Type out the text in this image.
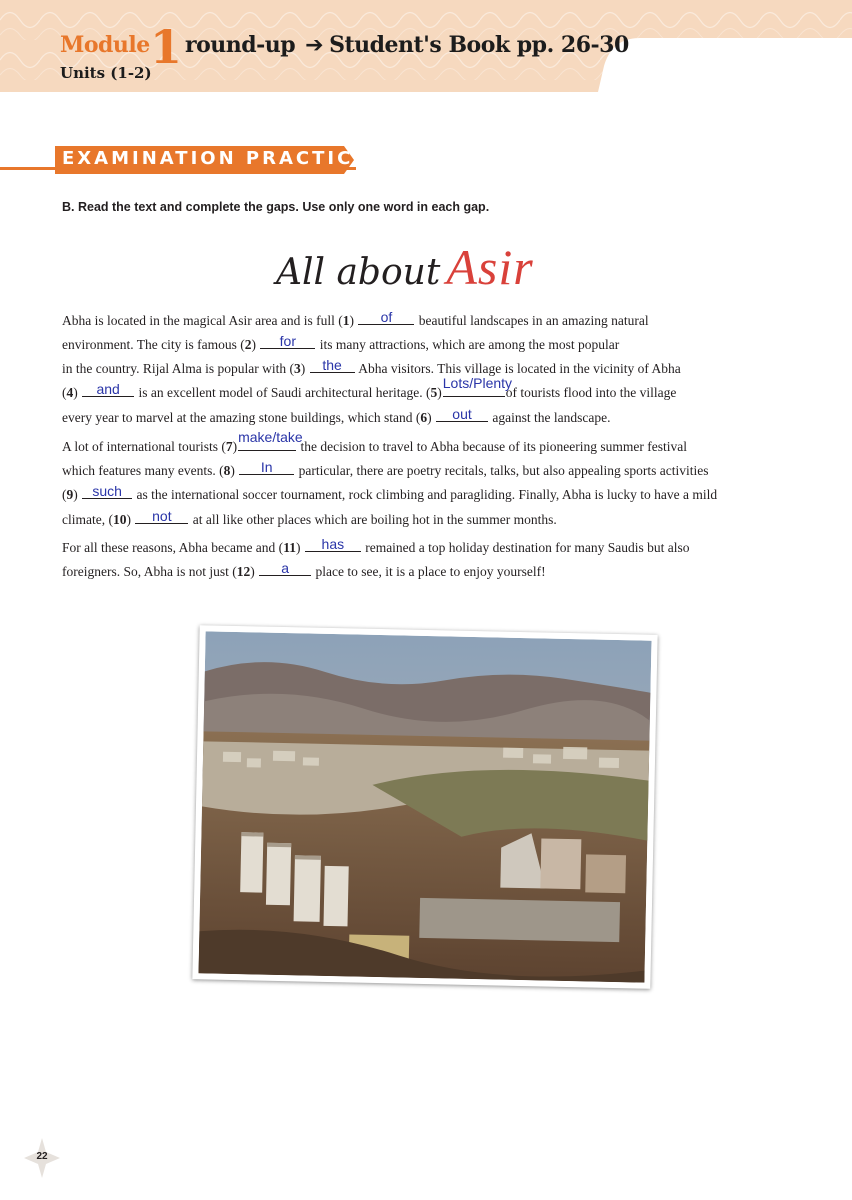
Module 1 round-up ➔ Student's Book pp. 26-30
Units (1-2)
EXAMINATION PRACTICE
B. Read the text and complete the gaps. Use only one word in each gap.
All about Asir
Abha is located in the magical Asir area and is full (1)	of	beautiful landscapes in an amazing natural
environment. The city is famous (2)	for	its many attractions, which are among the most popular
in the country. Rijal Alma is popular with (3) the	Abha visitors. This village is located in the vicinity of Abha
(4)	and	is an excellent model of Saudi architectural heritage. (5)
Lots/Plenty
of tourists flood into the village
every year to marvel at the amazing stone buildings, which stand (6)	out	against the landscape.
A lot of international tourists (7)
make/take
the decision to travel to Abha because of its pioneering summer festival
which features many events. (8)	In	particular, there are poetry recitals, talks, but also appealing sports activities
(9) such as the international soccer tournament, rock climbing and paragliding. Finally, Abha is lucky to have a mild
climate, (10)	not	at all like other places which are boiling hot in the summer months.
For all these reasons, Abha became and (11)	has	remained a top holiday destination for many Saudis but also
foreigners. So, Abha is not just (12)	a	place to see, it is a place to enjoy yourself!
22
